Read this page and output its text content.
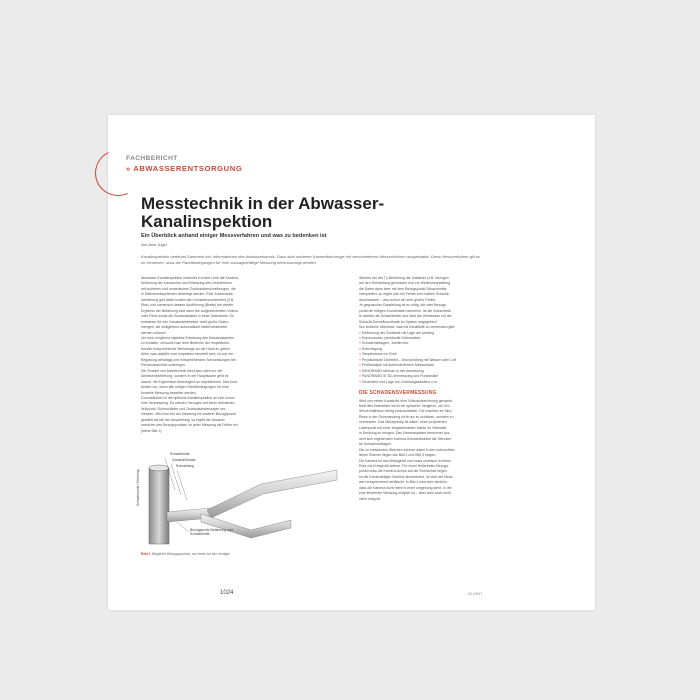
FACHBERICHT
» ABWASSERENTSORGUNG
Messtechnik in der Abwasser-Kanalinspektion
Ein Überblick anhand einiger Messverfahren und was zu bedenken ist
Von Arne Jugel
Kanalinspektion bedeutet Sammeln von Informationen des Abwasserkanals. Dazu sind moderne Kamerafahrzeuge mit verschiedenen Messverfahren ausgestattet. Diese Messverfahren gilt es zu verstehen, dass die Randbedingungen für eine aussagekräftige Messung berücksichtigt werden.
Abwasser-Kanalinspektion bedeutet in erster Linie die Kamera-
befahrung der Kanalrohre und Erfassung des Geschehens
mit kodierten und numerischen Zustandsbeschreibungen, die
in Datenbanksystemen hinterlegt werden. Eine Zustandsbe-
schreibung gibt dabei kodiert den Schadensschwerheit (2.B.
Riss) und numerisch dessen Ausführung (Breite) bei wieder.
Ergebnis der Befahrung sind dann die aufgezeichneten Videos
oder Filme sowie die Zustandsdaten in einer Datenbank. So
entstehen für den Kanalnetzbetreiber recht große Daten-
mengen, die weitgehend automatisiert weiterverarbeitet
werden müssen.
Um eine möglichst objektive Erfassung des Kanalzustandes
zu erhalten, versucht man dem Bediener der Inspektions-
technik entsprechende Werkzeuge an die Hand zu geben.
Alles, was objektiv vom Inspekteur beurteilt wird, ist von der
Begabung abhängig und entsprechenden Schwankungen bei
Personalwechsel unterlegen.
Der Einsatz von Messtechnik dient also nicht nur der
Arbeitserleichterung, sondern in der Hauptsache geht es
darum, die Ergebnisse bestmöglich zu objektivieren. Das funk-
tioniert nur, wenn alle nötigen Randbedingungen für eine
korrekte Messung beachtet werden.
Grundsätzlich ist die optische Kanalinspektion an sich schon
eine Vermessung. Es werden, bezogen auf einen definierten
Nullpunkt, Rohrschäden und Zustandsänderungen ver-
messen. Wird nun bei der Messung ein anderer Bezugspunkt
gewählt als bei der Auswertung, so ergibt der Abstand
zwischen den Bezugspunkten zu jeder Messung als Fehler ein
(siehe Bild 1).
Werden bei der Tv-Befahrung die Zustände (z.B. bezogen
auf den Rohranfang gemessen und zur Weiterverarbeitung
die Daten dann aber mit dem Bezugspunkt Schachtmitte
interpretiert, so ergibt sich ein Fehler vom halben Schacht-
durchmesser – also schon ein sehr großer Fehler.
Je gegnaucher Darstellung ist es nötig, die oder Bezugs-
punkt die nötigen Koordinaten bekommt. Ist die Schachtmit-
te wirklich als Schachtmitte und nicht als Vermessen mit der
Schacht-Deckelkoordinate im System angegeben?
Nur einfache Überblick, was mit Kanaltiefe zu vermessen gibt:
» Entfernung der Zustände mit Lage am Umfang
» Durchmesser, punktuelle Deformation
» Schadensbilagen, -breiten etc.
» Rohrneigung
» Temperaturen im Rohr
» Physikalische Dichtheit – Druckprüfung mit Wasser oder Luft
» Profilanalyse mit kontinuierlichem Messverlauf
» PANORAMO-Messen in der Abwicklung
» PANORAMO SI 3D-Vermessung und Punktwolke
» Geometrie und Lage von Zuleitungskanälen u.m.
DIE SCHADENSVERMESSUNG
Wird von einem Kanalrohr eine Videoaufzeichnung gemacht,
fehlt dem Betrachter leicht ein optischer Vergleich, um Grö-
ßenverhältnisse richtig einzuschätzen. Die machtes es Sinn,
Risse in der Rohrwandung nicht nur zu schätzen, sondern zu
vermessen. Das Messprinzip ist dabei, einen projizierten
Laserpunkt mit einer eingeblendeten Marke im Videobild
in Deckung zu bringen. Das Kamerasystem berechnet aus
dem sich ergebenden Kamera-Schwenkwinkel die Strecken
für Schadensbilagen.
Die zu messenden Strecken können dabei in den unterschied-
lichen Ebenen liegen wie Bild 2 und Bild 3 zeigen.
Die Kamera ist das Messgerät und muss zentrisch in einem
Rohr mit Kreisprofil stehen. Für einen fehlerfreien Bezugs-
punkt muss die Kamera-Achse auf der Rohrachse liegen.
Ist die Kameraträger-Gewicht abweichend, ist wird der Mess-
wert entsprechend verfälscht. In Bild 4 wird sehr deutlich,
dass die Kamera nicht mehr in einer umgebung steht, in der
eine fehlerfreie Messung möglich ist – aber wohl auch nicht
mehr nötig ist.
Schachtmitte
Zustand/Ansatz
Rohranfang
Schachtsohle / Dichtring
Bezugspunkt Befahrung und Schachtmitte
Bild 1 Mögliche Bezugspunkte, nur einer ist der richtige
1024	10 | 2017
